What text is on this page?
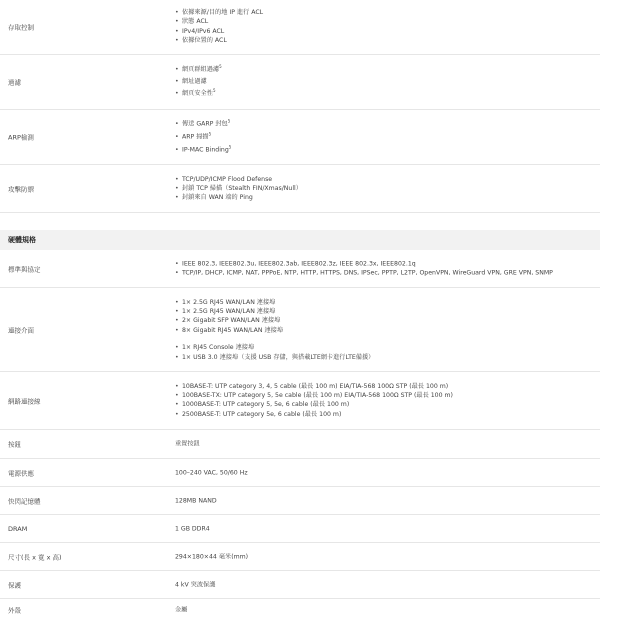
存取控制
• 依據來源/目的地 IP 進行 ACL
• 狀態 ACL
• IPv4/IPv6 ACL
• 依據位置的 ACL
過濾
• 網頁群組過濾$^5$
• 網址過濾
• 網頁安全性$^5$
ARP檢測
• 傳送 GARP 封包$^5$
• ARP 掃描$^5$
• IP-MAC Binding$^5$
攻擊防禦
• TCP/UDP/ICMP Flood Defense
• 封鎖 TCP 掃描（Stealth FIN/Xmas/Null）
• 封鎖來自 WAN 端的 Ping
硬體規格
標準與協定
• IEEE 802.3, IEEE802.3u, IEEE802.3ab, IEEE802.3z, IEEE 802.3x, IEEE802.1q
• TCP/IP, DHCP, ICMP, NAT, PPPoE, NTP, HTTP, HTTPS, DNS, IPSec, PPTP, L2TP, OpenVPN, WireGuard VPN, GRE VPN, SNMP
連接介面
• 1× 2.5G RJ45 WAN/LAN 連接埠
• 1× 2.5G RJ45 WAN/LAN 連接埠
• 2× Gigabit SFP WAN/LAN 連接埠
• 8× Gigabit RJ45 WAN/LAN 連接埠
• 1× RJ45 Console 連接埠
• 1× USB 3.0 連接埠（支援 USB 存儲，與搭載LTE網卡進行LTE備援）
網路連接線
• 10BASE-T: UTP category 3, 4, 5 cable (最長 100 m) EIA/TIA-568 100Ω STP (最長 100 m)
• 100BASE-TX: UTP category 5, 5e cable (最長 100 m) EIA/TIA-568 100Ω STP (最長 100 m)
• 1000BASE-T: UTP category 5, 5e, 6 cable (最長 100 m)
• 2500BASE-T: UTP category 5e, 6 cable (最長 100 m)
按鈕	重置按鈕
電源供應	100–240 VAC, 50/60 Hz
快閃記憶體	128MB NAND
DRAM	1 GB DDR4
尺寸(長 x 寬 x 高)	294×180×44 毫米(mm)
保護	4 kV 突波保護
外殼	金屬
